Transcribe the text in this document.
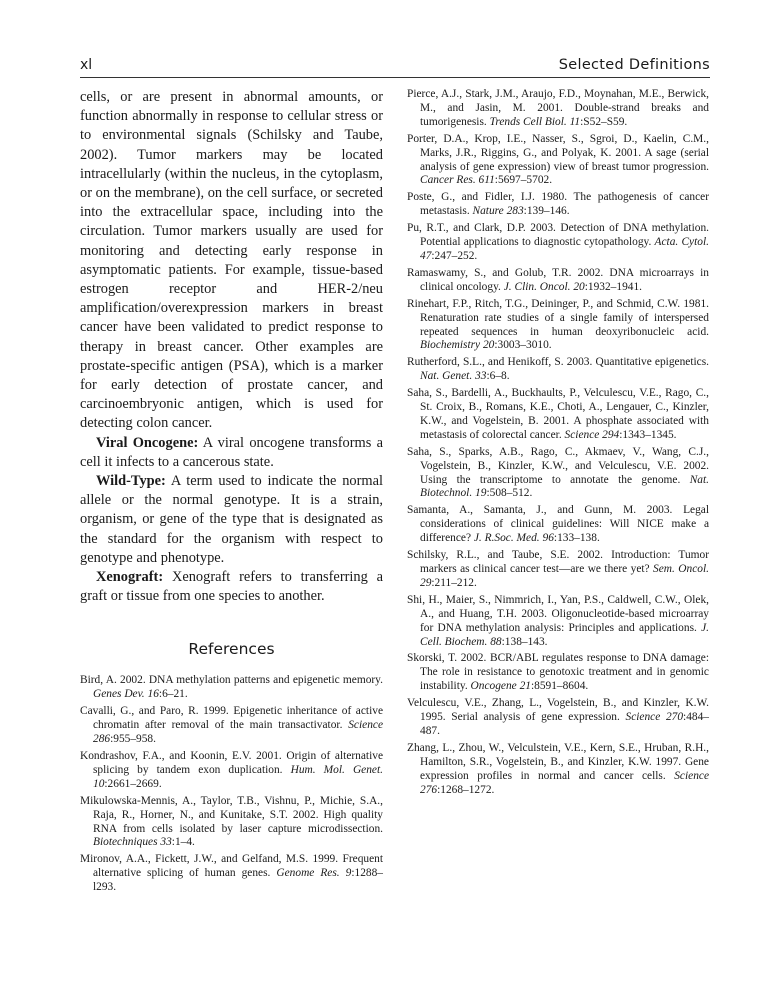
xl	Selected Definitions

cells, or are present in abnormal amounts, or function abnormally in response to cellular stress or to environmental signals (Schilsky and Taube, 2002). Tumor markers may be located intracellularly (within the nucleus, in the cytoplasm, or on the membrane), on the cell surface, or secreted into the extracellular space, including into the circulation. Tumor markers usually are used for monitoring and detecting early response in asymptomatic patients. For example, tissue-based estrogen receptor and HER-2/neu amplification/overexpression markers in breast cancer have been validated to predict response to therapy in breast cancer. Other examples are prostate-specific antigen (PSA), which is a marker for early detection of prostate cancer, and carcinoembryonic antigen, which is used for detecting colon cancer.

Viral Oncogene: A viral oncogene transforms a cell it infects to a cancerous state.

Wild-Type: A term used to indicate the normal allele or the normal genotype. It is a strain, organism, or gene of the type that is designated as the standard for the organism with respect to genotype and phenotype.

Xenograft: Xenograft refers to transferring a graft or tissue from one species to another.

References

Bird, A. 2002. DNA methylation patterns and epigenetic memory. Genes Dev. 16:6–21.

Cavalli, G., and Paro, R. 1999. Epigenetic inheritance of active chromatin after removal of the main transactivator. Science 286:955–958.

Kondrashov, F.A., and Koonin, E.V. 2001. Origin of alternative splicing by tandem exon duplication. Hum. Mol. Genet. 10:2661–2669.

Mikulowska-Mennis, A., Taylor, T.B., Vishnu, P., Michie, S.A., Raja, R., Horner, N., and Kunitake, S.T. 2002. High quality RNA from cells isolated by laser capture microdissection. Biotechniques 33:1–4.

Mironov, A.A., Fickett, J.W., and Gelfand, M.S. 1999. Frequent alternative splicing of human genes. Genome Res. 9:1288–l293.

Pierce, A.J., Stark, J.M., Araujo, F.D., Moynahan, M.E., Berwick, M., and Jasin, M. 2001. Double-strand breaks and tumorigenesis. Trends Cell Biol. 11:S52–S59.

Porter, D.A., Krop, I.E., Nasser, S., Sgroi, D., Kaelin, C.M., Marks, J.R., Riggins, G., and Polyak, K. 2001. A sage (serial analysis of gene expression) view of breast tumor progression. Cancer Res. 611:5697–5702.

Poste, G., and Fidler, I.J. 1980. The pathogenesis of cancer metastasis. Nature 283:139–146.

Pu, R.T., and Clark, D.P. 2003. Detection of DNA methylation. Potential applications to diagnostic cytopathology. Acta. Cytol. 47:247–252.

Ramaswamy, S., and Golub, T.R. 2002. DNA microarrays in clinical oncology. J. Clin. Oncol. 20:1932–1941.

Rinehart, F.P., Ritch, T.G., Deininger, P., and Schmid, C.W. 1981. Renaturation rate studies of a single family of interspersed repeated sequences in human deoxyribonucleic acid. Biochemistry 20:3003–3010.

Rutherford, S.L., and Henikoff, S. 2003. Quantitative epigenetics. Nat. Genet. 33:6–8.

Saha, S., Bardelli, A., Buckhaults, P., Velculescu, V.E., Rago, C., St. Croix, B., Romans, K.E., Choti, A., Lengauer, C., Kinzler, K.W., and Vogelstein, B. 2001. A phosphate associated with metastasis of colorectal cancer. Science 294:1343–1345.

Saha, S., Sparks, A.B., Rago, C., Akmaev, V., Wang, C.J., Vogelstein, B., Kinzler, K.W., and Velculescu, V.E. 2002. Using the transcriptome to annotate the genome. Nat. Biotechnol. 19:508–512.

Samanta, A., Samanta, J., and Gunn, M. 2003. Legal considerations of clinical guidelines: Will NICE make a difference? J. R.Soc. Med. 96:133–138.

Schilsky, R.L., and Taube, S.E. 2002. Introduction: Tumor markers as clinical cancer test—are we there yet? Sem. Oncol. 29:211–212.

Shi, H., Maier, S., Nimmrich, I., Yan, P.S., Caldwell, C.W., Olek, A., and Huang, T.H. 2003. Oligonucleotide-based microarray for DNA methylation analysis: Principles and applications. J. Cell. Biochem. 88:138–143.

Skorski, T. 2002. BCR/ABL regulates response to DNA damage: The role in resistance to genotoxic treatment and in genomic instability. Oncogene 21:8591–8604.

Velculescu, V.E., Zhang, L., Vogelstein, B., and Kinzler, K.W. 1995. Serial analysis of gene expression. Science 270:484–487.

Zhang, L., Zhou, W., Velculstein, V.E., Kern, S.E., Hruban, R.H., Hamilton, S.R., Vogelstein, B., and Kinzler, K.W. 1997. Gene expression profiles in normal and cancer cells. Science 276:1268–1272.
